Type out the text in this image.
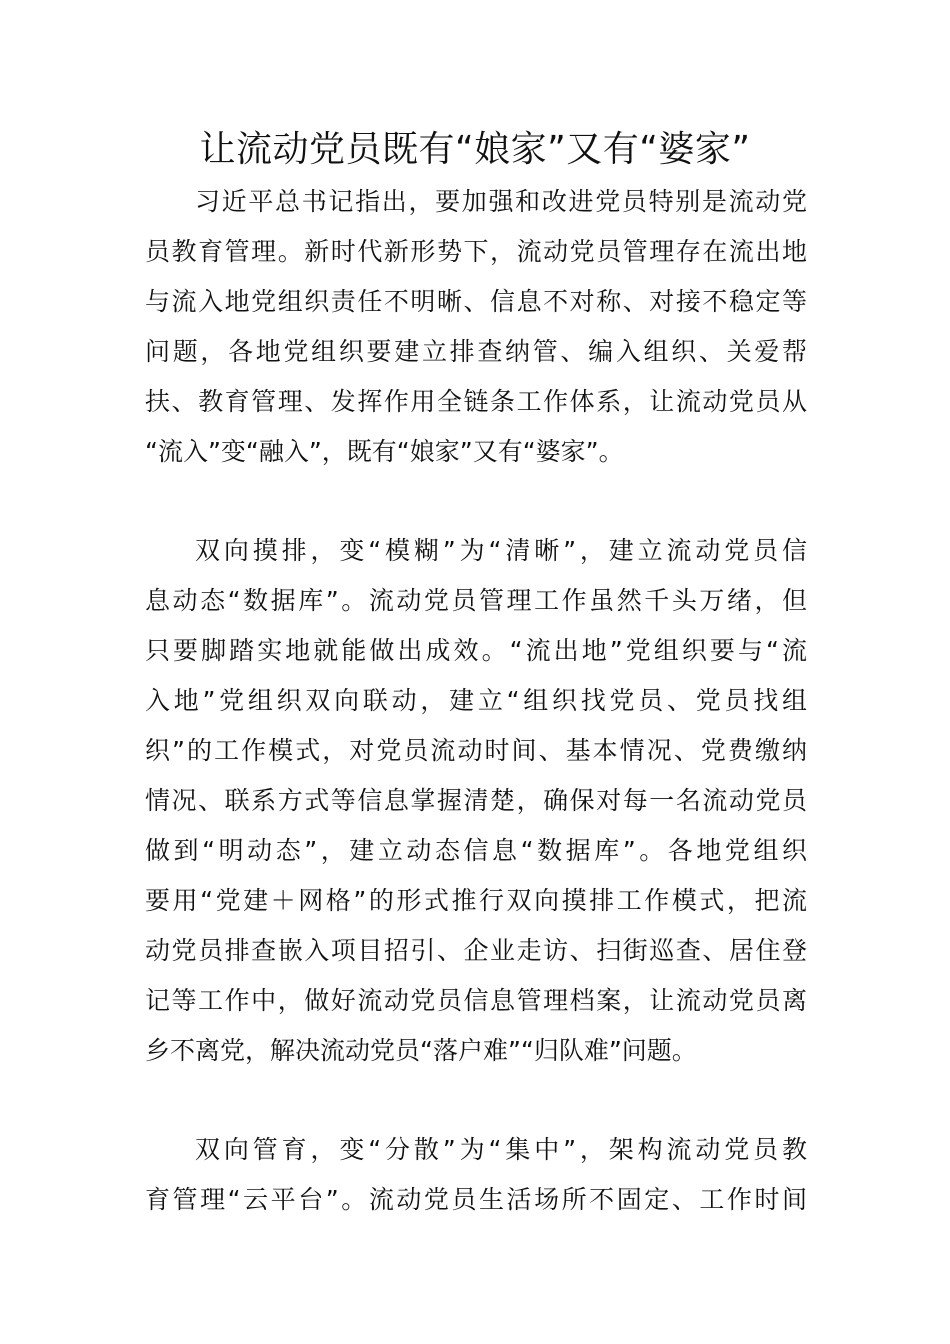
让流动党员既有“娘家”又有“婆家”
习近平总书记指出，要加强和改进党员特别是流动党
员教育管理。新时代新形势下，流动党员管理存在流出地
与流入地党组织责任不明晰、信息不对称、对接不稳定等
问题，各地党组织要建立排查纳管、编入组织、关爱帮
扶、教育管理、发挥作用全链条工作体系，让流动党员从
“流入”变“融入”，既有“娘家”又有“婆家”。
双向摸排，变“模糊”为“清晰”，建立流动党员信
息动态“数据库”。流动党员管理工作虽然千头万绪，但
只要脚踏实地就能做出成效。“流出地”党组织要与“流
入地”党组织双向联动，建立“组织找党员、党员找组
织”的工作模式，对党员流动时间、基本情况、党费缴纳
情况、联系方式等信息掌握清楚，确保对每一名流动党员
做到“明动态”，建立动态信息“数据库”。各地党组织
要用“党建＋网格”的形式推行双向摸排工作模式，把流
动党员排查嵌入项目招引、企业走访、扫街巡查、居住登
记等工作中，做好流动党员信息管理档案，让流动党员离
乡不离党，解决流动党员“落户难”“归队难”问题。
双向管育，变“分散”为“集中”，架构流动党员教
育管理“云平台”。流动党员生活场所不固定、工作时间
